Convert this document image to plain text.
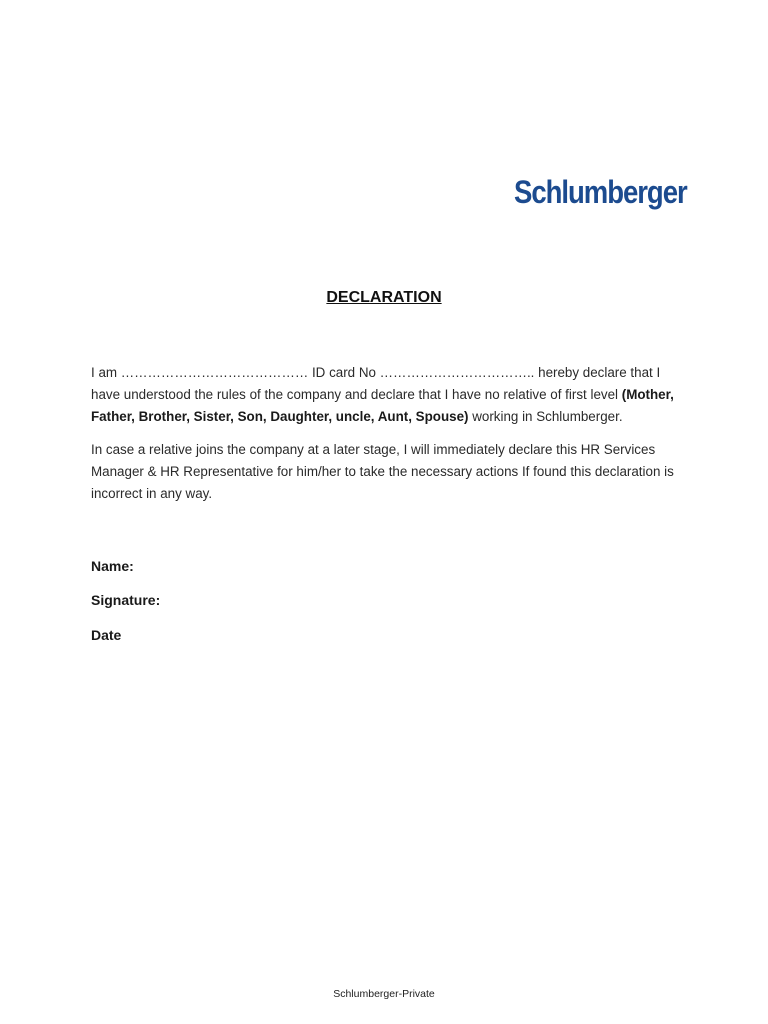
Schlumberger
DECLARATION
I am …………………………………… ID card No …………………………….. hereby declare that I have understood the rules of the company and declare that I have no relative of first level (Mother, Father, Brother, Sister, Son, Daughter, uncle, Aunt, Spouse) working in Schlumberger.
In case a relative joins the company at a later stage, I will immediately declare this HR Services Manager & HR Representative for him/her to take the necessary actions If found this declaration is incorrect in any way.
Name:
Signature:
Date
Schlumberger-Private
